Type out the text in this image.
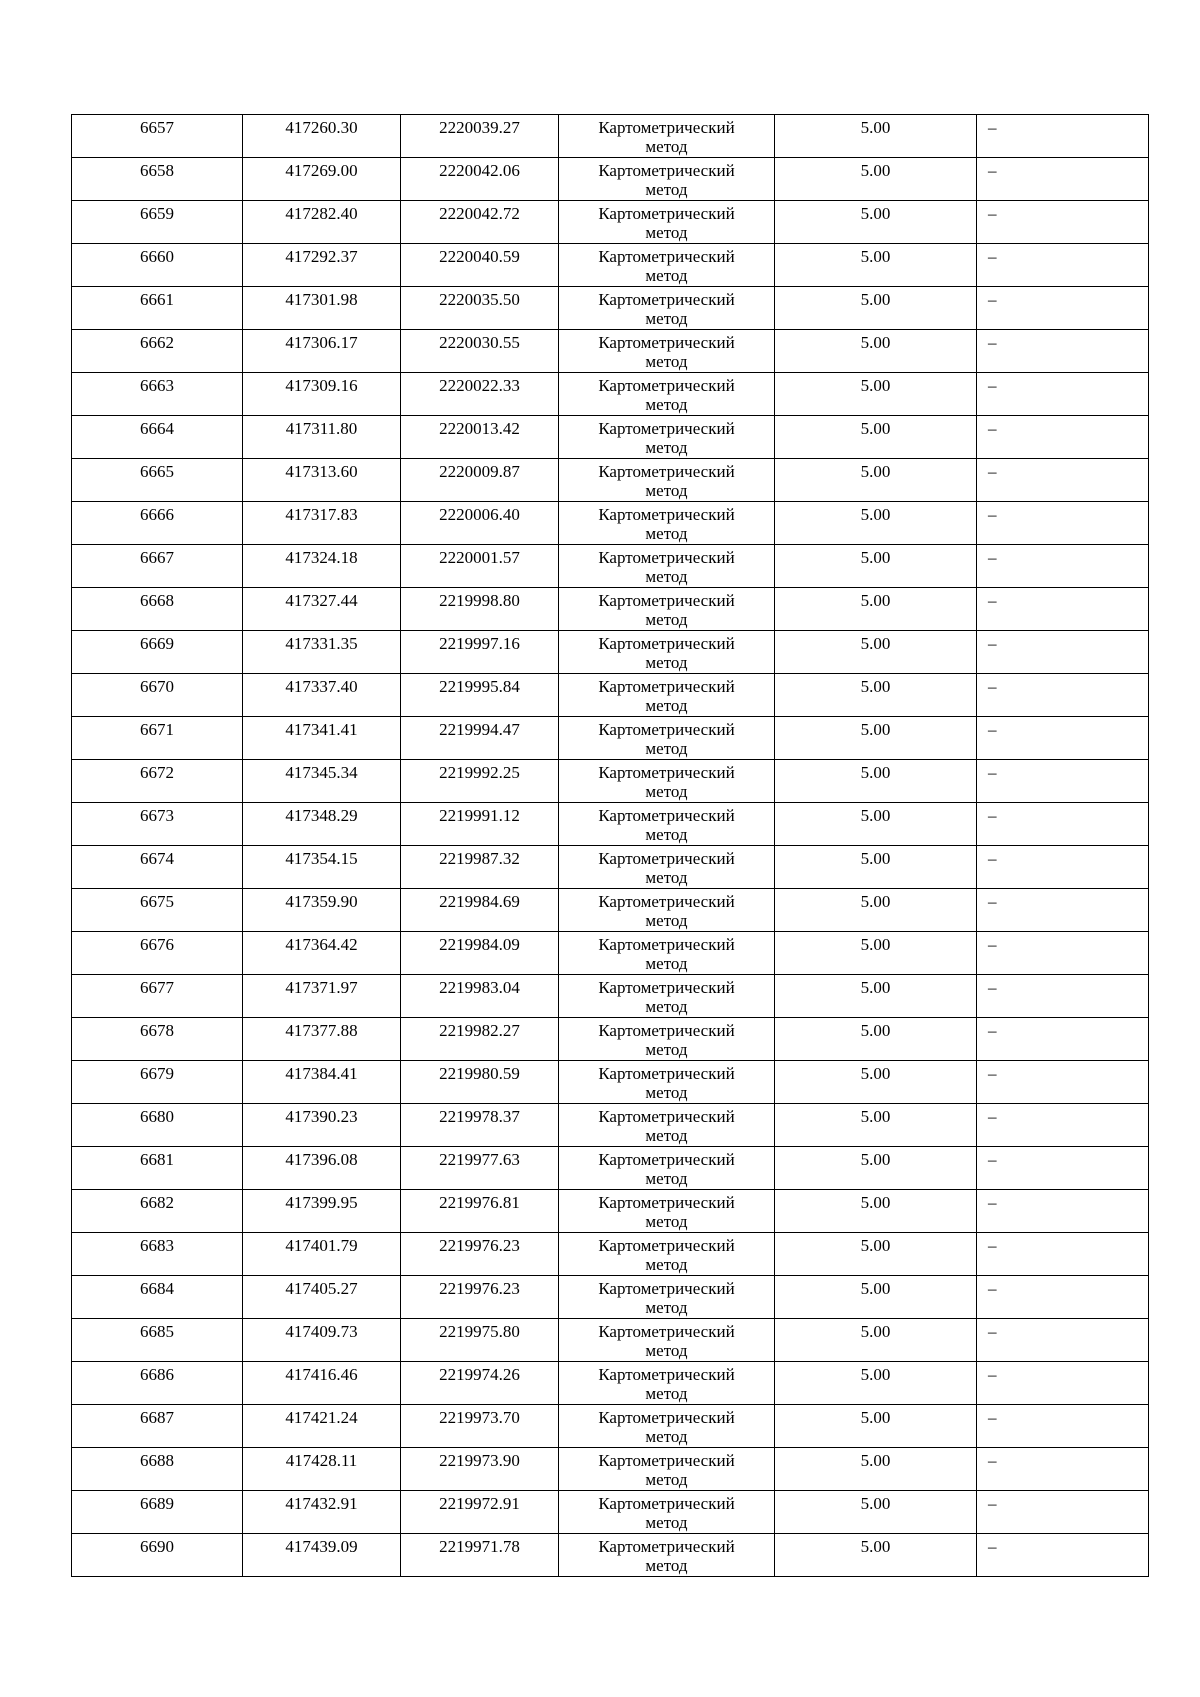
6657	417260.30	2220039.27	Картометрический
метод	5.00	–

6658	417269.00	2220042.06	Картометрический
метод	5.00	–

6659	417282.40	2220042.72	Картометрический
метод	5.00	–

6660	417292.37	2220040.59	Картометрический
метод	5.00	–

6661	417301.98	2220035.50	Картометрический
метод	5.00	–

6662	417306.17	2220030.55	Картометрический
метод	5.00	–

6663	417309.16	2220022.33	Картометрический
метод	5.00	–

6664	417311.80	2220013.42	Картометрический
метод	5.00	–

6665	417313.60	2220009.87	Картометрический
метод	5.00	–

6666	417317.83	2220006.40	Картометрический
метод	5.00	–

6667	417324.18	2220001.57	Картометрический
метод	5.00	–

6668	417327.44	2219998.80	Картометрический
метод	5.00	–

6669	417331.35	2219997.16	Картометрический
метод	5.00	–

6670	417337.40	2219995.84	Картометрический
метод	5.00	–

6671	417341.41	2219994.47	Картометрический
метод	5.00	–

6672	417345.34	2219992.25	Картометрический
метод	5.00	–

6673	417348.29	2219991.12	Картометрический
метод	5.00	–

6674	417354.15	2219987.32	Картометрический
метод	5.00	–

6675	417359.90	2219984.69	Картометрический
метод	5.00	–

6676	417364.42	2219984.09	Картометрический
метод	5.00	–

6677	417371.97	2219983.04	Картометрический
метод	5.00	–

6678	417377.88	2219982.27	Картометрический
метод	5.00	–

6679	417384.41	2219980.59	Картометрический
метод	5.00	–

6680	417390.23	2219978.37	Картометрический
метод	5.00	–

6681	417396.08	2219977.63	Картометрический
метод	5.00	–

6682	417399.95	2219976.81	Картометрический
метод	5.00	–

6683	417401.79	2219976.23	Картометрический
метод	5.00	–

6684	417405.27	2219976.23	Картометрический
метод	5.00	–

6685	417409.73	2219975.80	Картометрический
метод	5.00	–

6686	417416.46	2219974.26	Картометрический
метод	5.00	–

6687	417421.24	2219973.70	Картометрический
метод	5.00	–

6688	417428.11	2219973.90	Картометрический
метод	5.00	–

6689	417432.91	2219972.91	Картометрический
метод	5.00	–

6690	417439.09	2219971.78	Картометрический
метод	5.00	–
